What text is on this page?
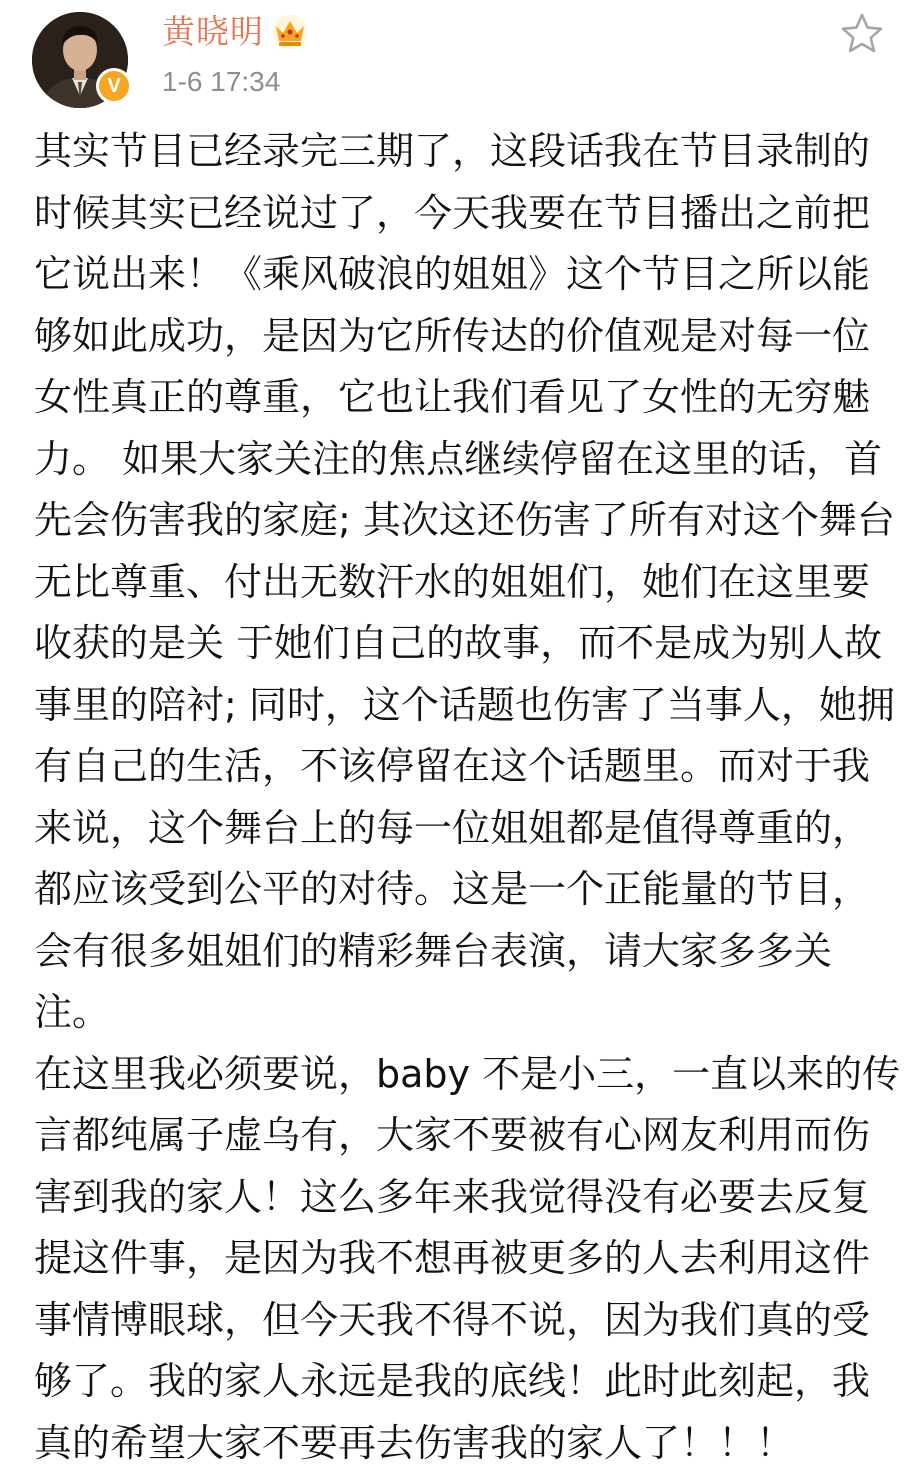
V
黄晓明
1-6 17:34

其实节目已经录完三期了，这段话我在节目录制的

时候其实已经说过了，今天我要在节目播出之前把

它说出来！《乘风破浪的姐姐》这个节目之所以能

够如此成功，是因为它所传达的价值观是对每一位

女性真正的尊重，它也让我们看见了女性的无穷魅

力。 如果大家关注的焦点继续停留在这里的话，首

先会伤害我的家庭; 其次这还伤害了所有对这个舞台

无比尊重、付出无数汗水的姐姐们，她们在这里要

收获的是关 于她们自己的故事，而不是成为别人故

事里的陪衬; 同时，这个话题也伤害了当事人，她拥

有自己的生活，不该停留在这个话题里。而对于我

来说，这个舞台上的每一位姐姐都是值得尊重的，

都应该受到公平的对待。这是一个正能量的节目，

会有很多姐姐们的精彩舞台表演，请大家多多关

注。

在这里我必须要说，baby 不是小三，一直以来的传

言都纯属子虚乌有，大家不要被有心网友利用而伤

害到我的家人！这么多年来我觉得没有必要去反复

提这件事，是因为我不想再被更多的人去利用这件

事情博眼球，但今天我不得不说，因为我们真的受

够了。我的家人永远是我的底线！此时此刻起，我

真的希望大家不要再去伤害我的家人了！！！
